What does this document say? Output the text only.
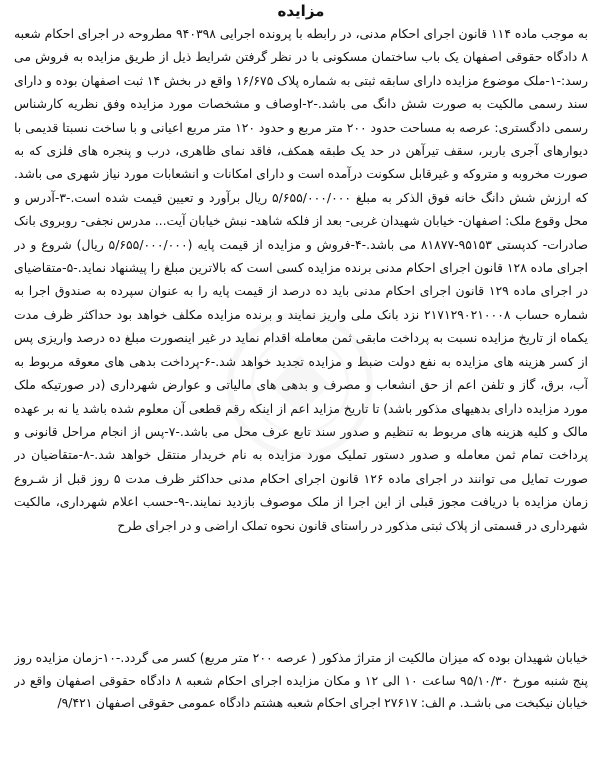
مزایده
به موجب ماده ۱۱۴ قانون اجرای احکام مدنی، در رابطه با پرونده اجرایی ۹۴۰۳۹۸ مطروحه در اجرای احکام شعبه ۸ دادگاه حقوقی اصفهان یک باب ساختمان مسکونی با در نظر گرفتن شرایط ذیل از طریق مزایده به فروش می رسد:-۱-ملک موضوع مزایده دارای سابقه ثبتی به شماره پلاک ۱۶/۶۷۵ واقع در بخش ۱۴ ثبت اصفهان بوده و دارای سند رسمی مالکیت به صورت شش دانگ می باشد.-۲-اوصاف و مشخصات مورد مزایده وفق نظریه کارشناس رسمی دادگستری: عرصه به مساحت حدود ۲۰۰ متر مربع و حدود ۱۲۰ متر مربع اعیانی و با ساخت نسبتا قدیمی با دیوارهای آجری باربر، سقف تیرآهن در حد یک طبقه همکف، فاقد نمای ظاهری، درب و پنجره های فلزی که به صورت مخروبه و متروکه و غیرقابل سکونت درآمده است و دارای امکانات و انشعابات مورد نیاز شهری می باشد. که ارزش شش دانگ خانه فوق الذکر به مبلغ ۵/۶۵۵/۰۰۰/۰۰۰ ریال برآورد و تعیین قیمت شده است.-۳-آدرس و محل وقوع ملک: اصفهان- خیابان شهیدان غربی- بعد از فلکه شاهد- نبش خیابان آیت... مدرس نجفی- روبروی بانک صادرات- کدپستی ۹۵۱۵۳-۸۱۸۷۷ می باشد.-۴-فروش و مزایده از قیمت پایه (۵/۶۵۵/۰۰۰/۰۰۰ ریال) شروع و در اجرای ماده ۱۲۸ قانون اجرای احکام مدنی برنده مزایده کسی است که بالاترین مبلغ را پیشنهاد نماید.-۵-متقاضیای در اجرای ماده ۱۲۹ قانون اجرای احکام مدنی باید ده درصد از قیمت پایه را به عنوان سپرده به صندوق اجرا به شماره حساب ۲۱۷۱۲۹۰۲۱۰۰۰۸ نزد بانک ملی واریز نمایند و برنده مزایده مکلف خواهد بود حداکثر ظرف مدت یکماه از تاریخ مزایده نسبت به پرداخت مابقی ثمن معامله اقدام نماید در غیر اینصورت مبلغ ده درصد واریزی پس از کسر هزینه های مزایده به نفع دولت ضبط و مزایده تجدید خواهد شد.-۶-پرداخت بدهی های معوقه مربوط به آب، برق، گاز و تلفن اعم از حق انشعاب و مصرف و بدهی های مالیاتی و عوارض شهرداری (در صورتیکه ملک مورد مزایده دارای بدهیهای مذکور باشد) تا تاریخ مزاید اعم از اینکه رقم قطعی آن معلوم شده باشد یا نه بر عهده مالک و کلیه هزینه های مربوط به تنظیم و صدور سند تابع عرف محل می باشد.-۷-پس از انجام مراحل قانونی و پرداخت تمام ثمن معامله و صدور دستور تملیک مورد مزایده به نام خریدار منتقل خواهد شد.-۸-متقاضیان در صورت تمایل می توانند در اجرای ماده ۱۲۶ قانون اجرای احکام مدنی حداکثر ظرف مدت ۵ روز قبل از شـروع زمان مزایده با دریافت مجوز قبلی از این اجرا از ملک موصوف بازدید نمایند.-۹-حسب اعلام شهرداری، مالکیت شهرداری در قسمتی از پلاک ثبتی مذکور در راستای قانون نحوه تملک اراضی و در اجرای طرح
خیابان شهیدان بوده که میزان مالکیت از متراژ مذکور ( عرصه ۲۰۰ متر مربع) کسر می گردد.-۱۰-زمان مزایده روز پنج شنبه مورخ ۹۵/۱۰/۳۰ ساعت ۱۰ الی ۱۲ و مکان مزایده اجرای احکام شعبه ۸ دادگاه حقوقی اصفهان واقع در خیابان نیکبخت می باشـد. م الف: ۲۷۶۱۷ اجرای احکام شعبه هشتم دادگاه عمومی حقوقی اصفهان ۹/۴۲۱/
